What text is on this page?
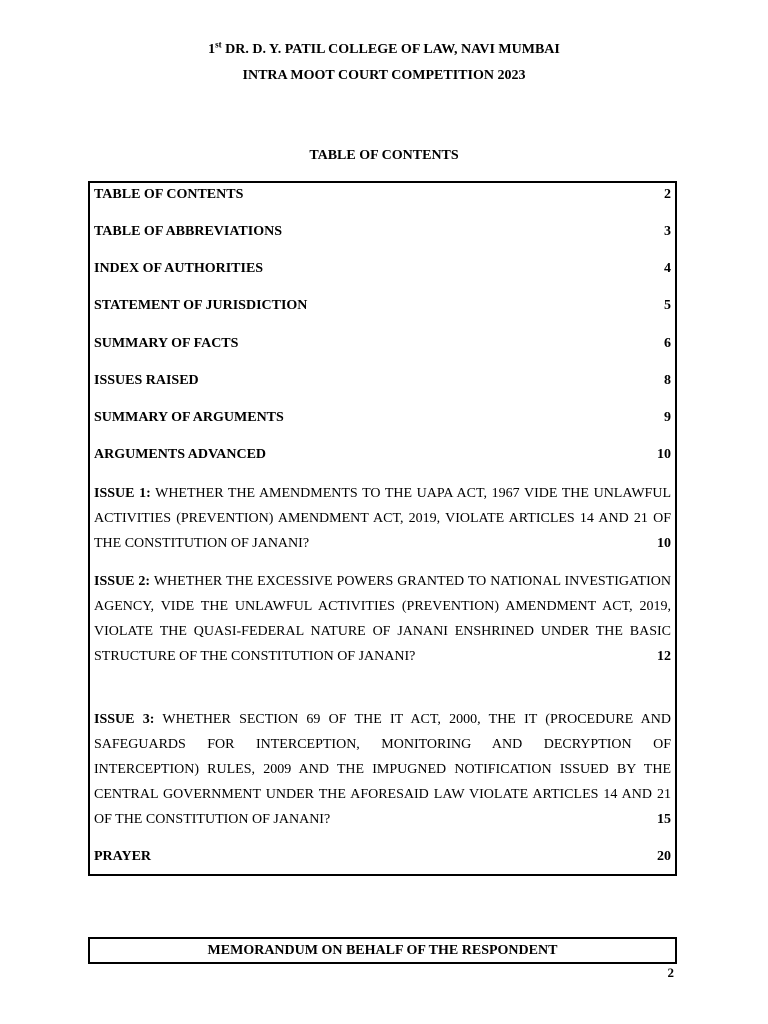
1st DR. D. Y. PATIL COLLEGE OF LAW, NAVI MUMBAI
INTRA MOOT COURT COMPETITION 2023
TABLE OF CONTENTS
TABLE OF CONTENTS	2
TABLE OF ABBREVIATIONS	3
INDEX OF AUTHORITIES	4
STATEMENT OF JURISDICTION	5
SUMMARY OF FACTS	6
ISSUES RAISED	8
SUMMARY OF ARGUMENTS	9
ARGUMENTS ADVANCED	10
ISSUE 1: WHETHER THE AMENDMENTS TO THE UAPA ACT, 1967 VIDE THE UNLAWFUL ACTIVITIES (PREVENTION) AMENDMENT ACT, 2019, VIOLATE ARTICLES 14 AND 21 OF THE CONSTITUTION OF JANANI?	10
ISSUE 2: WHETHER THE EXCESSIVE POWERS GRANTED TO NATIONAL INVESTIGATION AGENCY, VIDE THE UNLAWFUL ACTIVITIES (PREVENTION) AMENDMENT ACT, 2019, VIOLATE THE QUASI-FEDERAL NATURE OF JANANI ENSHRINED UNDER THE BASIC STRUCTURE OF THE CONSTITUTION OF JANANI?	12
ISSUE 3: WHETHER SECTION 69 OF THE IT ACT, 2000, THE IT (PROCEDURE AND SAFEGUARDS FOR INTERCEPTION, MONITORING AND DECRYPTION OF INTERCEPTION) RULES, 2009 AND THE IMPUGNED NOTIFICATION ISSUED BY THE CENTRAL GOVERNMENT UNDER THE AFORESAID LAW VIOLATE ARTICLES 14 AND 21 OF THE CONSTITUTION OF JANANI?	15
PRAYER	20
MEMORANDUM ON BEHALF OF THE RESPONDENT
2
